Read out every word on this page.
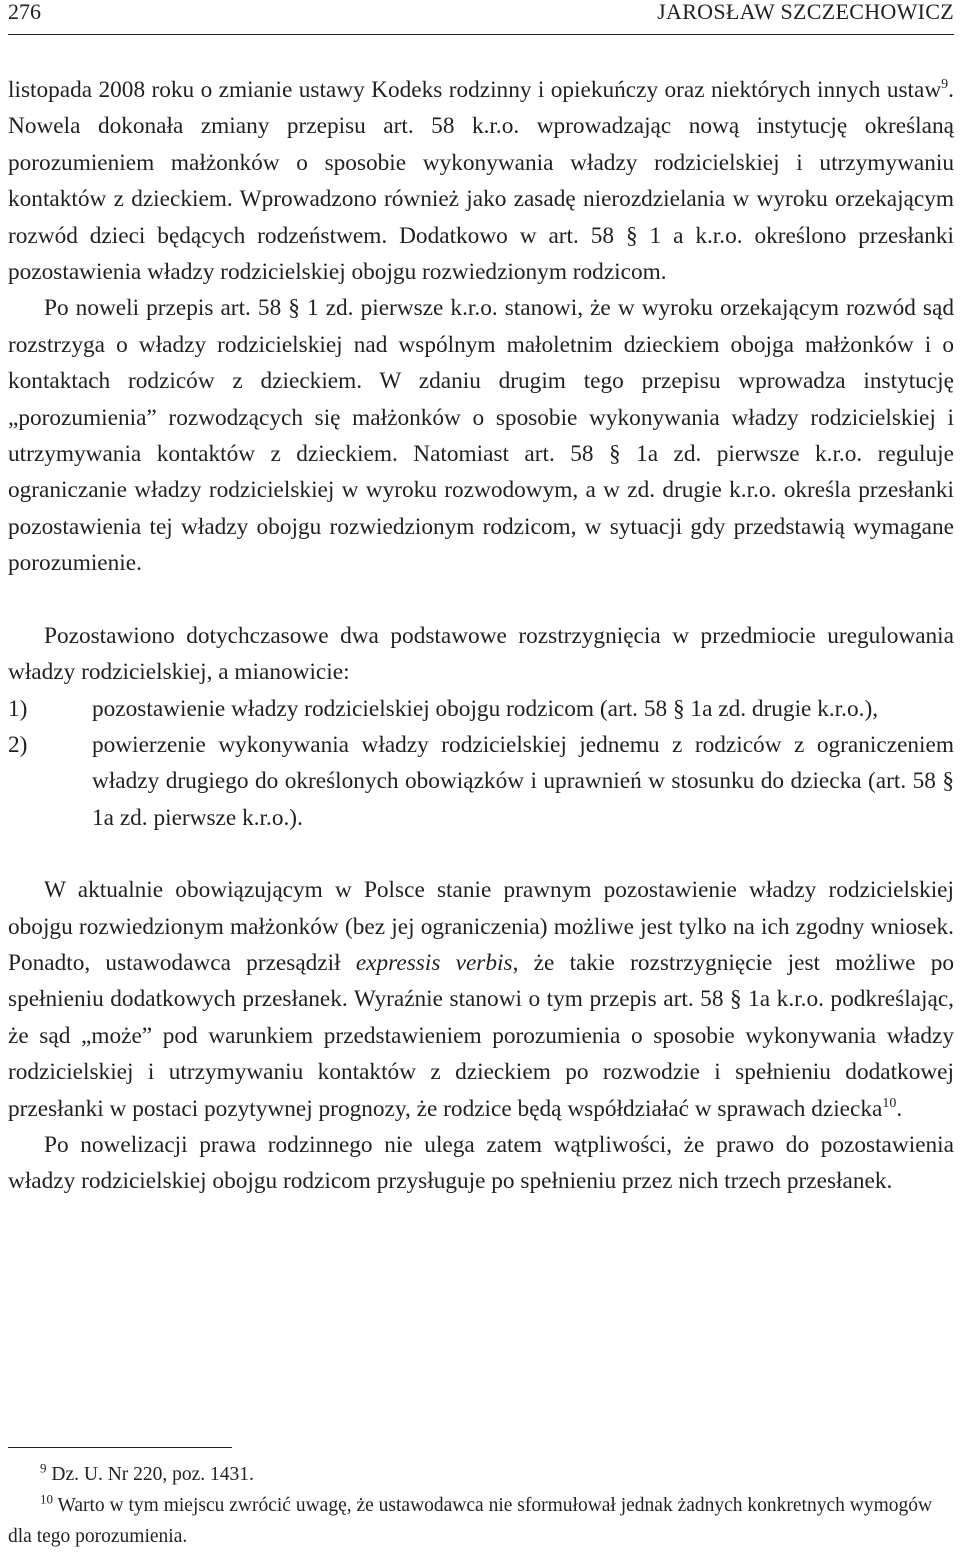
276	JAROSŁAW SZCZECHOWICZ

listopada 2008 roku o zmianie ustawy Kodeks rodzinny i opiekuńczy oraz niektórych innych ustaw$^9$. Nowela dokonała zmiany przepisu art. 58 k.r.o. wprowadzając nową instytucję określaną porozumieniem małżonków o sposobie wykonywania władzy rodzicielskiej i utrzymywaniu kontaktów z dzieckiem. Wprowadzono również jako zasadę nierozdzielania w wyroku orzekającym rozwód dzieci będących rodzeństwem. Dodatkowo w art. 58 § 1 a k.r.o. określono przesłanki pozostawienia władzy rodzicielskiej obojgu rozwiedzionym rodzicom.

Po noweli przepis art. 58 § 1 zd. pierwsze k.r.o. stanowi, że w wyroku orzekającym rozwód sąd rozstrzyga o władzy rodzicielskiej nad wspólnym małoletnim dzieckiem obojga małżonków i o kontaktach rodziców z dzieckiem. W zdaniu drugim tego przepisu wprowadza instytucję „porozumienia” rozwodzących się małżonków o sposobie wykonywania władzy rodzicielskiej i utrzymywania kontaktów z dzieckiem. Natomiast art. 58 § 1a zd. pierwsze k.r.o. reguluje ograniczanie władzy rodzicielskiej w wyroku rozwodowym, a w zd. drugie k.r.o. określa przesłanki pozostawienia tej władzy obojgu rozwiedzionym rodzicom, w sytuacji gdy przedstawią wymagane porozumienie.

Pozostawiono dotychczasowe dwa podstawowe rozstrzygnięcia w przedmiocie uregulowania władzy rodzicielskiej, a mianowicie:

1)	pozostawienie władzy rodzicielskiej obojgu rodzicom (art. 58 § 1a zd. drugie k.r.o.),
2)	powierzenie wykonywania władzy rodzicielskiej jednemu z rodziców z ograniczeniem władzy drugiego do określonych obowiązków i uprawnień w stosunku do dziecka (art. 58 § 1a zd. pierwsze k.r.o.).

W aktualnie obowiązującym w Polsce stanie prawnym pozostawienie władzy rodzicielskiej obojgu rozwiedzionym małżonków (bez jej ograniczenia) możliwe jest tylko na ich zgodny wniosek. Ponadto, ustawodawca przesądził expressis verbis, że takie rozstrzygnięcie jest możliwe po spełnieniu dodatkowych przesłanek. Wyraźnie stanowi o tym przepis art. 58 § 1a k.r.o. podkreślając, że sąd „może” pod warunkiem przedstawieniem porozumienia o sposobie wykonywania władzy rodzicielskiej i utrzymywaniu kontaktów z dzieckiem po rozwodzie i spełnieniu dodatkowej przesłanki w postaci pozytywnej prognozy, że rodzice będą współdziałać w sprawach dziecka$^{10}$.

Po nowelizacji prawa rodzinnego nie ulega zatem wątpliwości, że prawo do pozostawienia władzy rodzicielskiej obojgu rodzicom przysługuje po spełnieniu przez nich trzech przesłanek.

$^9$ Dz. U. Nr 220, poz. 1431.

$^{10}$ Warto w tym miejscu zwrócić uwagę, że ustawodawca nie sformułował jednak żadnych konkretnych wymogów dla tego porozumienia.
